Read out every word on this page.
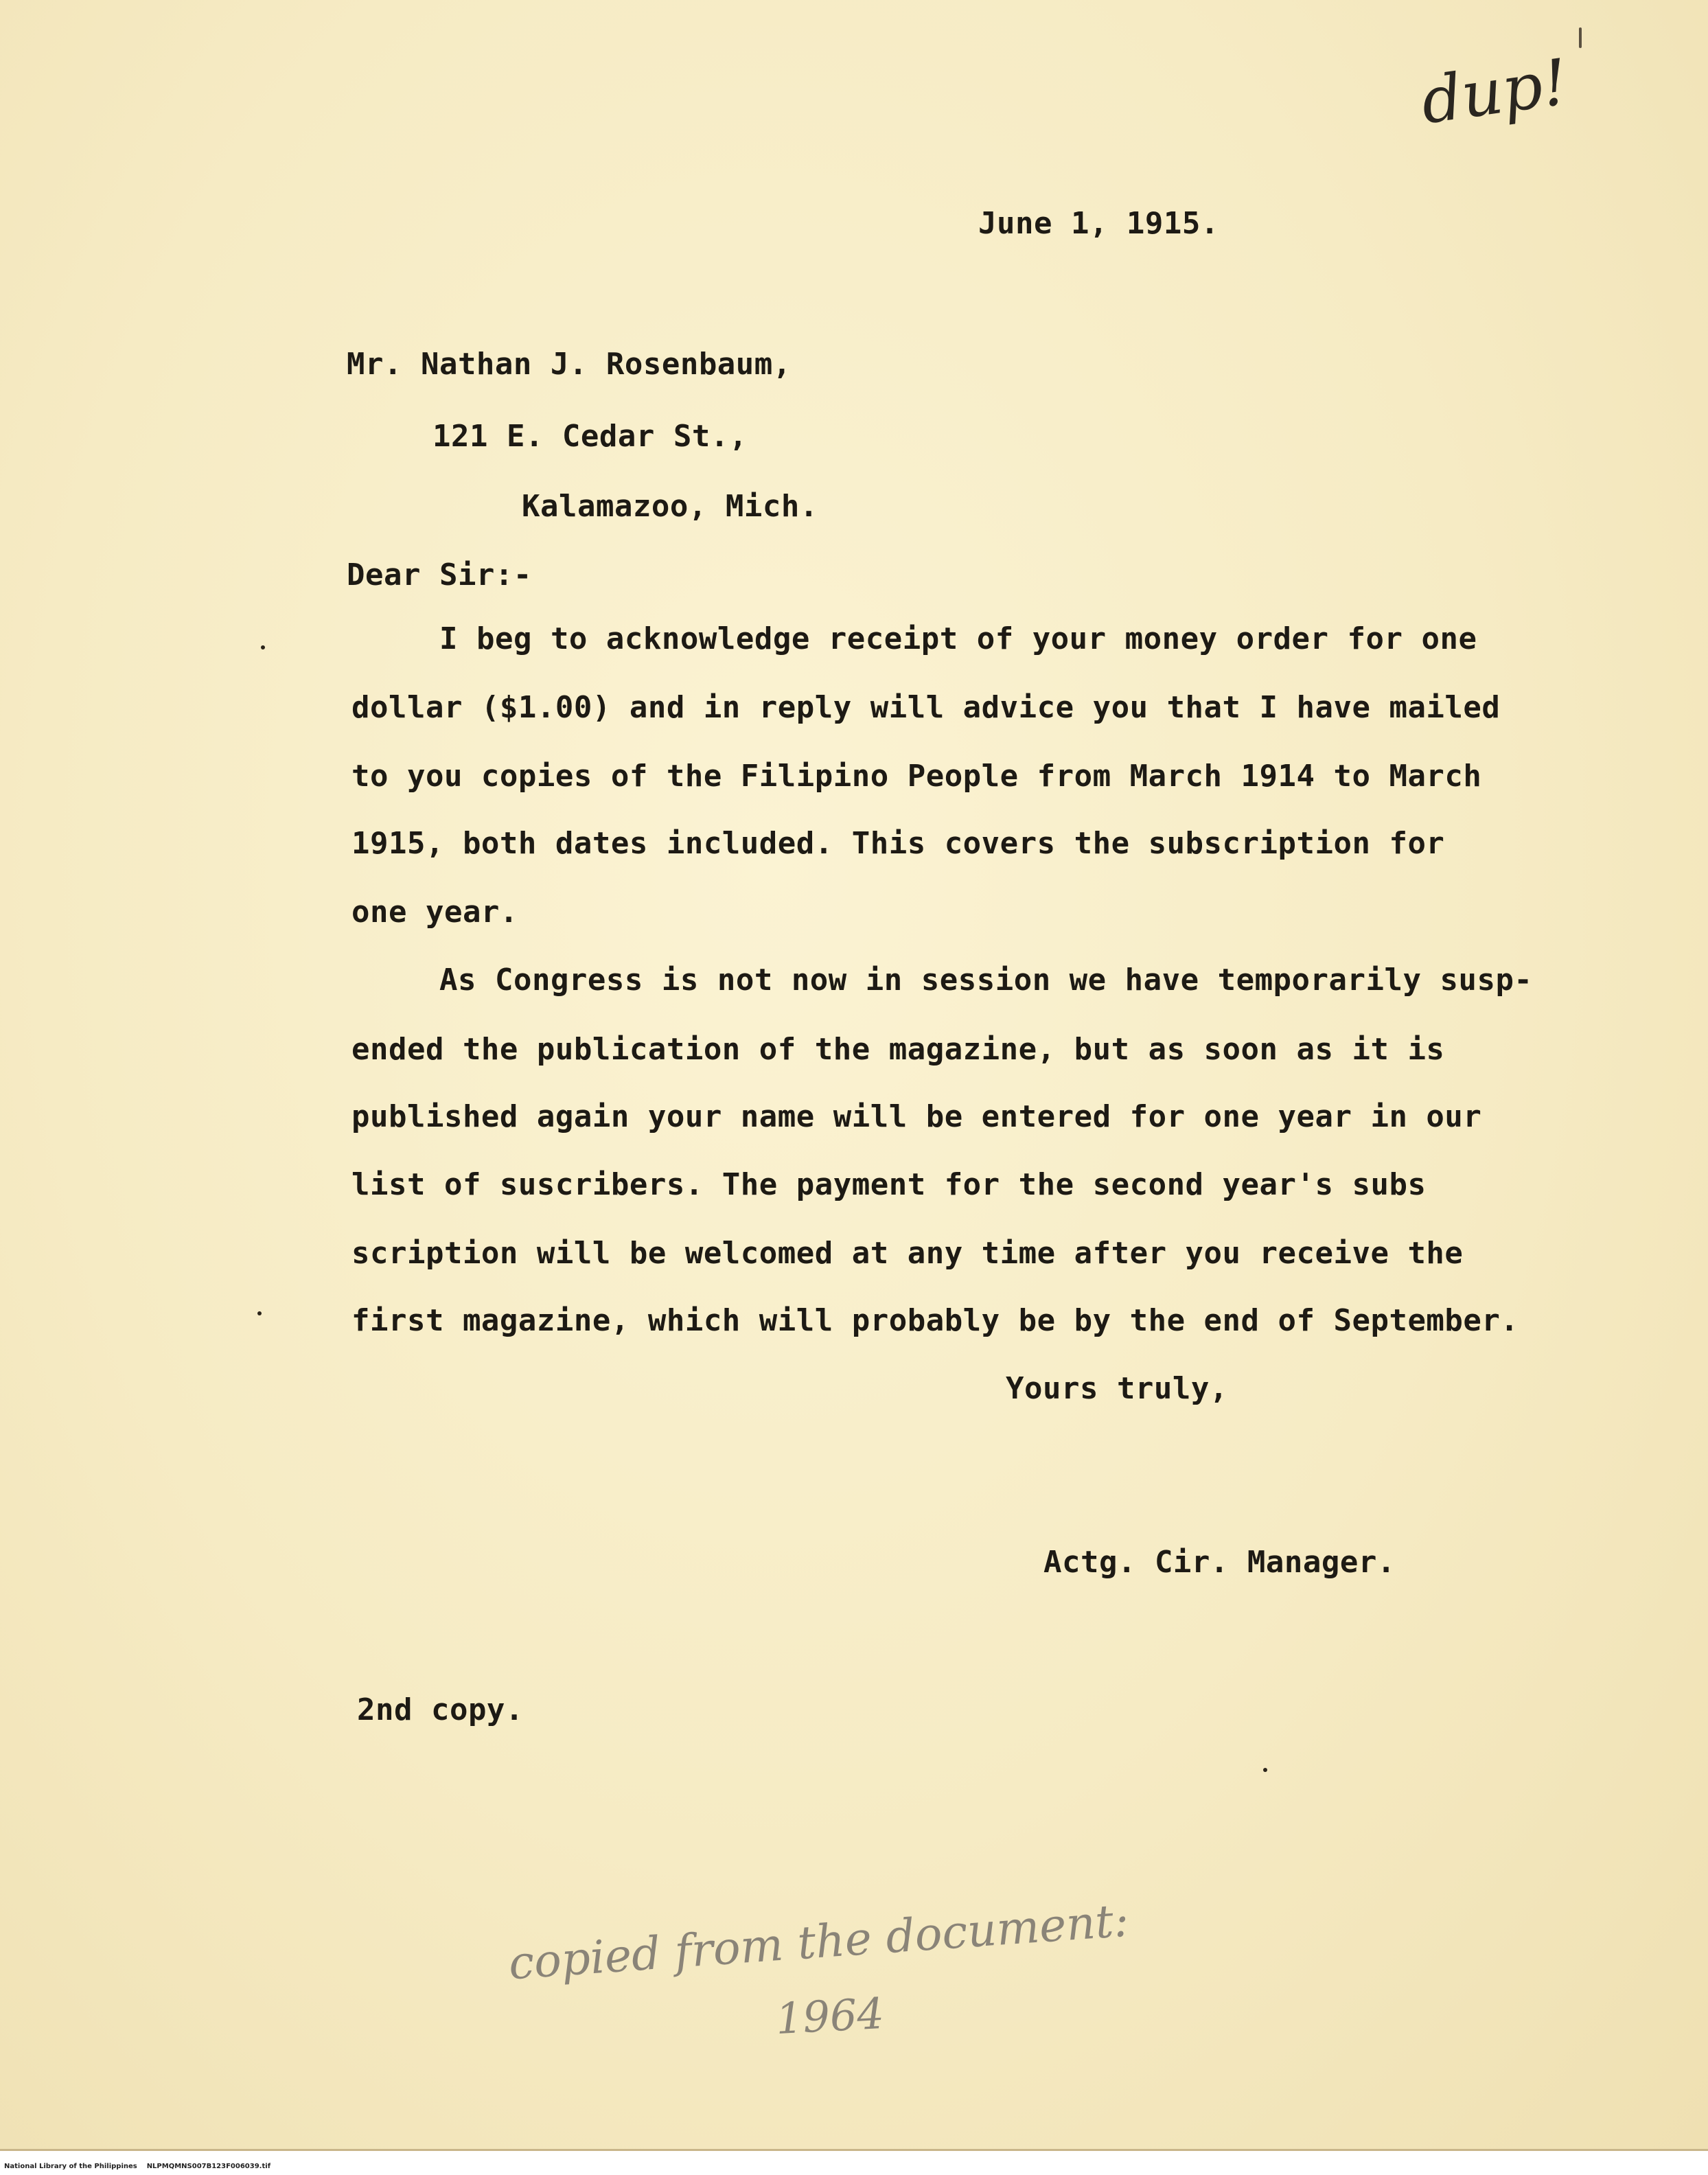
dup!

June 1, 1915.

Mr. Nathan J. Rosenbaum,

121 E. Cedar St.,

Kalamazoo, Mich.

Dear Sir:-

I beg to acknowledge receipt of your money order for one

dollar ($1.00) and in reply will advice you that I have mailed

to you copies of the Filipino People from March 1914 to March

1915, both dates included. This covers the subscription for

one year.

As Congress is not now in session we have temporarily susp-

ended the publication of the magazine, but as soon as it is

published again your name will be entered for one year in our

list of suscribers. The payment for the second year's subs

scription will be welcomed at any time after you receive the

first magazine, which will probably be by the end of September.

Yours truly,

Actg. Cir. Manager.

2nd copy.

copied from the document:

1964

National Library of the Philippines NLPMQMNS007B123F006039.tif
